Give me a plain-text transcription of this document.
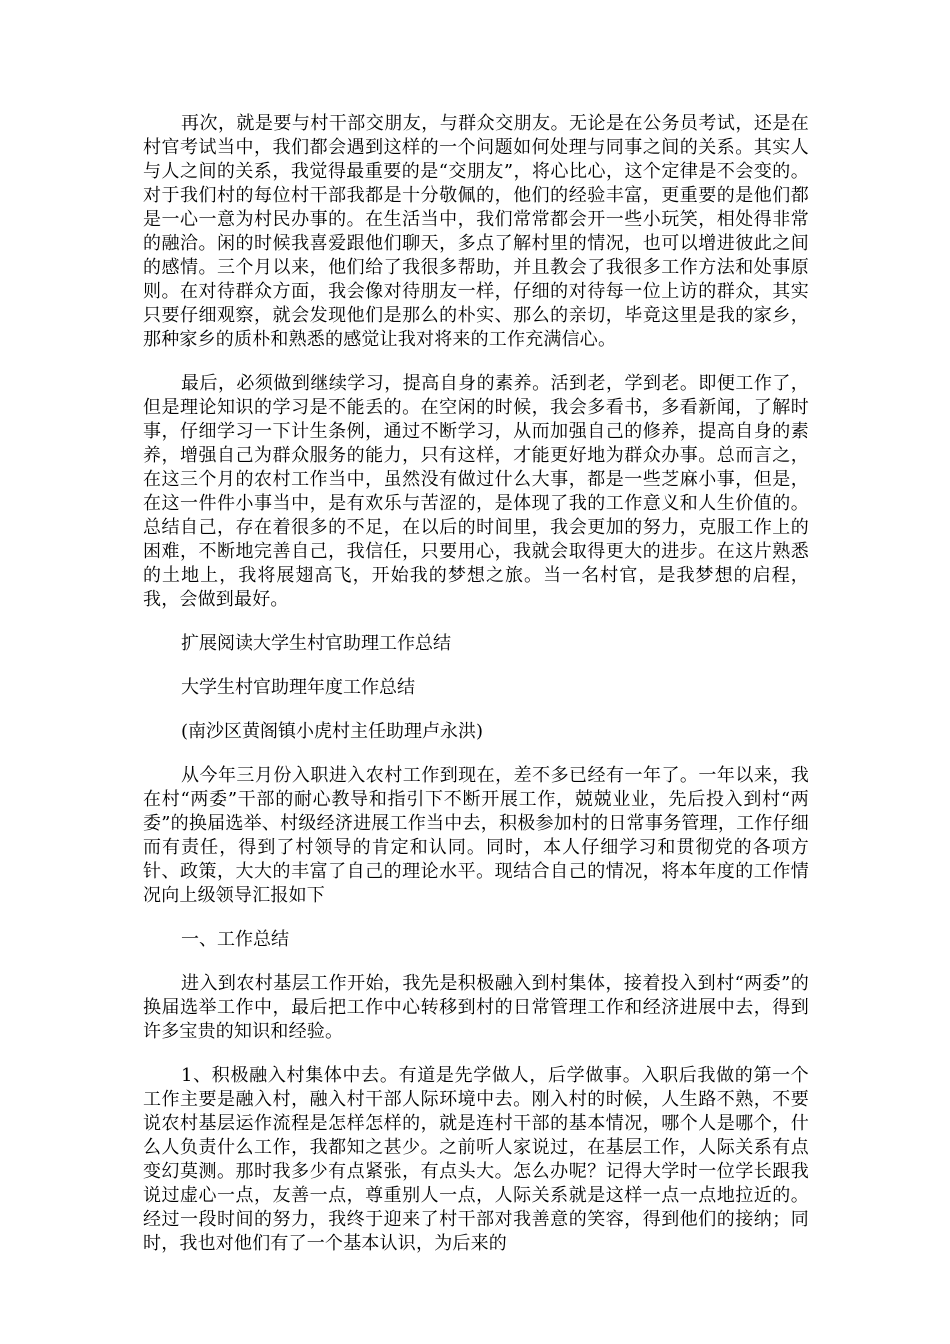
再次，就是要与村干部交朋友，与群众交朋友。无论是在公务员考试，还是在村官考试当中，我们都会遇到这样的一个问题如何处理与同事之间的关系。其实人与人之间的关系，我觉得最重要的是“交朋友”，将心比心，这个定律是不会变的。对于我们村的每位村干部我都是十分敬佩的，他们的经验丰富，更重要的是他们都是一心一意为村民办事的。在生活当中，我们常常都会开一些小玩笑，相处得非常的融洽。闲的时候我喜爱跟他们聊天，多点了解村里的情况，也可以增进彼此之间的感情。三个月以来，他们给了我很多帮助，并且教会了我很多工作方法和处事原则。在对待群众方面，我会像对待朋友一样，仔细的对待每一位上访的群众，其实只要仔细观察，就会发现他们是那么的朴实、那么的亲切，毕竟这里是我的家乡，那种家乡的质朴和熟悉的感觉让我对将来的工作充满信心。

最后，必须做到继续学习，提高自身的素养。活到老，学到老。即便工作了，但是理论知识的学习是不能丢的。在空闲的时候，我会多看书，多看新闻，了解时事，仔细学习一下计生条例，通过不断学习，从而加强自己的修养，提高自身的素养，增强自己为群众服务的能力，只有这样，才能更好地为群众办事。总而言之，在这三个月的农村工作当中，虽然没有做过什么大事，都是一些芝麻小事，但是，在这一件件小事当中，是有欢乐与苦涩的，是体现了我的工作意义和人生价值的。总结自己，存在着很多的不足，在以后的时间里，我会更加的努力，克服工作上的困难，不断地完善自己，我信任，只要用心，我就会取得更大的进步。在这片熟悉的土地上，我将展翅高飞，开始我的梦想之旅。当一名村官，是我梦想的启程，我，会做到最好。

扩展阅读大学生村官助理工作总结

大学生村官助理年度工作总结

(南沙区黄阁镇小虎村主任助理卢永洪)

从今年三月份入职进入农村工作到现在，差不多已经有一年了。一年以来，我在村“两委”干部的耐心教导和指引下不断开展工作，兢兢业业，先后投入到村“两委”的换届选举、村级经济进展工作当中去，积极参加村的日常事务管理，工作仔细而有责任，得到了村领导的肯定和认同。同时，本人仔细学习和贯彻党的各项方针、政策，大大的丰富了自己的理论水平。现结合自己的情况，将本年度的工作情况向上级领导汇报如下

一、工作总结

进入到农村基层工作开始，我先是积极融入到村集体，接着投入到村“两委”的换届选举工作中，最后把工作中心转移到村的日常管理工作和经济进展中去，得到许多宝贵的知识和经验。

1、积极融入村集体中去。有道是先学做人，后学做事。入职后我做的第一个工作主要是融入村，融入村干部人际环境中去。刚入村的时候，人生路不熟，不要说农村基层运作流程是怎样怎样的，就是连村干部的基本情况，哪个人是哪个，什么人负责什么工作，我都知之甚少。之前听人家说过，在基层工作，人际关系有点变幻莫测。那时我多少有点紧张，有点头大。怎么办呢？记得大学时一位学长跟我说过虚心一点，友善一点，尊重别人一点，人际关系就是这样一点一点地拉近的。经过一段时间的努力，我终于迎来了村干部对我善意的笑容，得到他们的接纳；同时，我也对他们有了一个基本认识，为后来的
